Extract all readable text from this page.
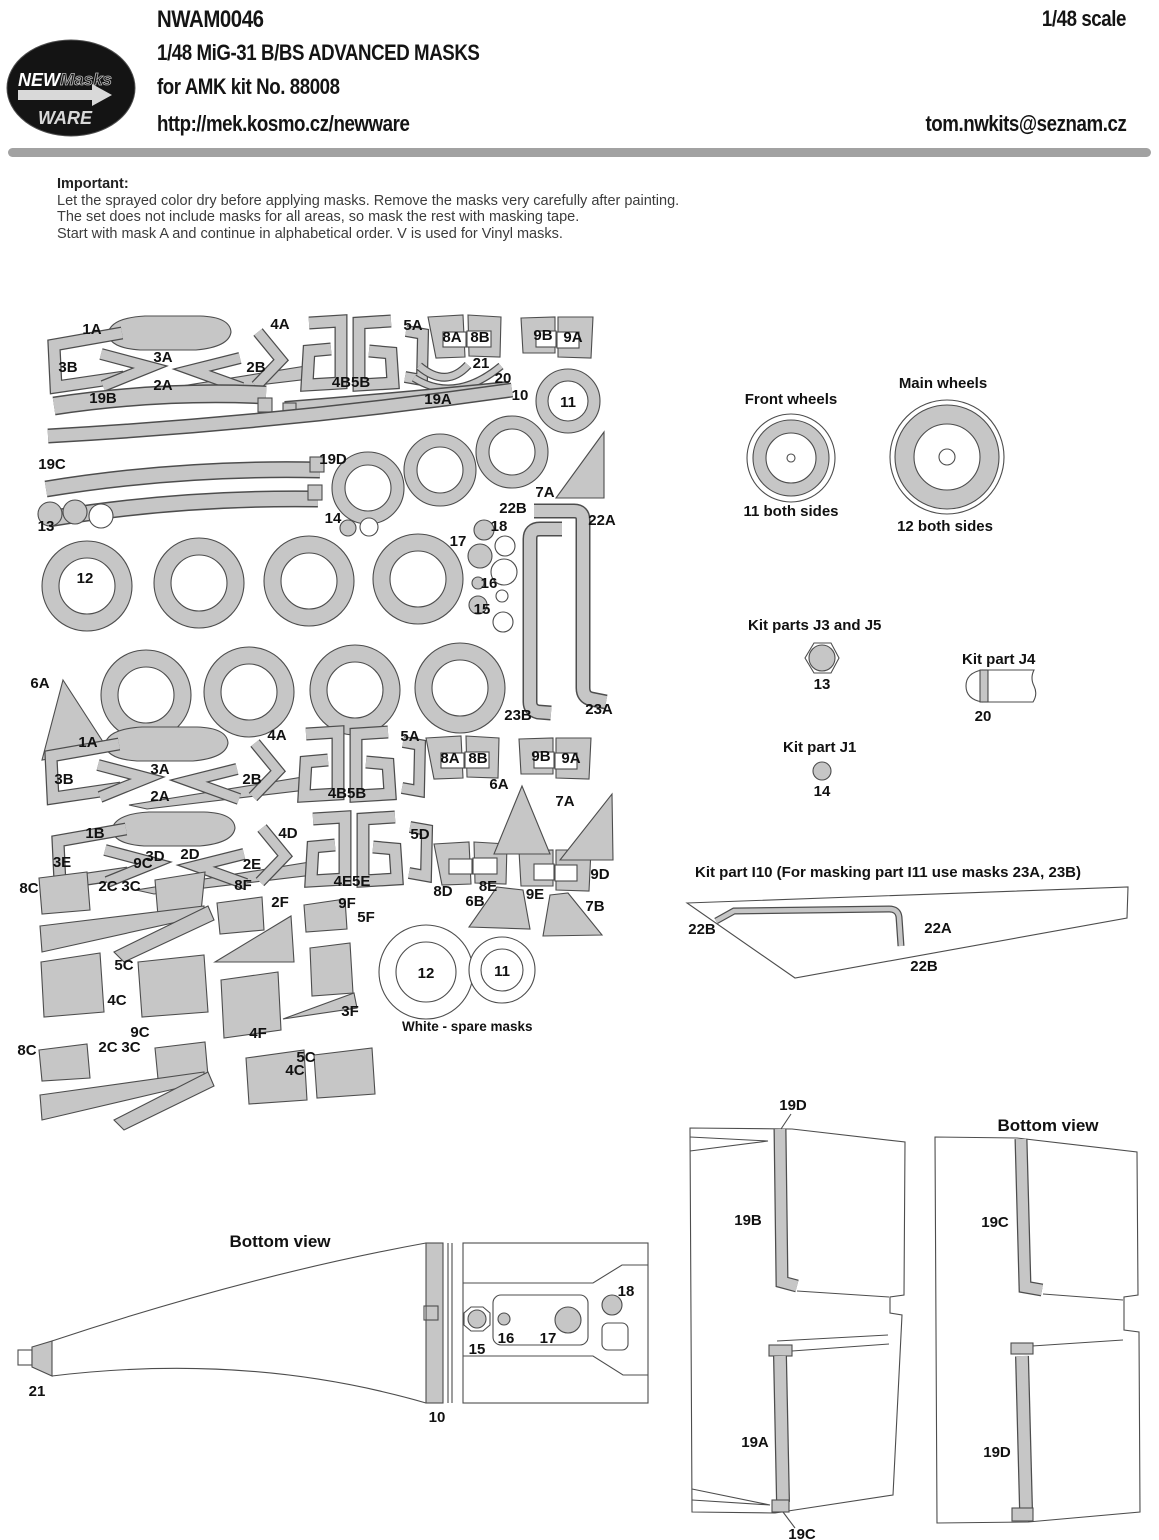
NEW Masks
WARE
NWAM0046
1/48 MiG-31 B/BS ADVANCED MASKS
for AMK kit No. 88008
http://mek.kosmo.cz/newware
1/48 scale
tom.nwkits@seznam.cz
Important:
Let the sprayed color dry before applying masks. Remove the masks very carefully after painting.
The set does not include masks for all areas, so mask the rest with masking tape.
Start with mask A and continue in alphabetical order. V is used for Vinyl masks.
1A	4A	5A
8A 8B	9B 9A
3B
3A
2B
2A	4B5B
21
20
19B	19A	10 11
19C	19D
7A
13	14
22B
22A
18
17
12	16
15
6A
23B	23A
1A	4A	5A
8A 8B	9B 9A
3B
3A
2B
2A	4B5B
6A
7A
1B	4D	5D
3E	3D 2D
2E
9C
8C	2C 3C	8F
2F	9F
5F
4E5E
8D 8E 9E
9D
6B	7B
5C
4C
4F
3F
12	11
9C
8C	2C 3C
5C
4C
White - spare masks
Front wheels
11 both sides
Main wheels
12 both sides
Kit parts J3 and J5
13
Kit part J4
20
Kit part J1
14
Kit part I10 (For masking part I11 use masks 23A, 23B)
22B	22A
22B
Bottom view
21
10
15
16 17
18
19D
19B
19A
19C
Bottom view
19C
19D
